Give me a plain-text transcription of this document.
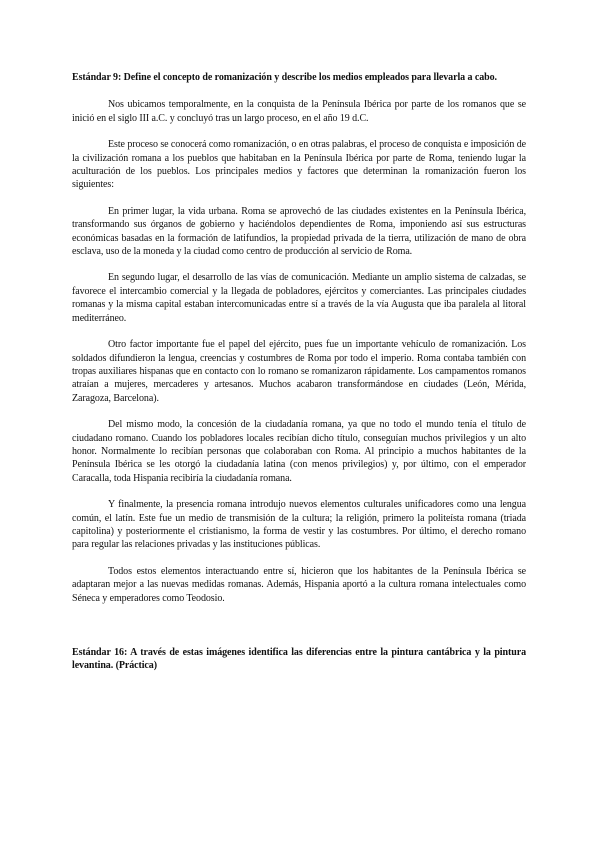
Estándar 9: Define el concepto de romanización y describe los medios empleados para llevarla a cabo.

Nos ubicamos temporalmente, en la conquista de la Península Ibérica por parte de los romanos que se inició en el siglo III a.C. y concluyó tras un largo proceso, en el año 19 d.C.

Este proceso se conocerá como romanización, o en otras palabras, el proceso de conquista e imposición de la civilización romana a los pueblos que habitaban en la Península Ibérica por parte de Roma, teniendo lugar la aculturación de los pueblos. Los principales medios y factores que determinan la romanización fueron los siguientes:

En primer lugar, la vida urbana. Roma se aprovechó de las ciudades existentes en la Península Ibérica, transformando sus órganos de gobierno y haciéndolos dependientes de Roma, imponiendo así sus estructuras económicas basadas en la formación de latifundios, la propiedad privada de la tierra, utilización de mano de obra esclava, uso de la moneda y la ciudad como centro de producción al servicio de Roma.

En segundo lugar, el desarrollo de las vías de comunicación. Mediante un amplio sistema de calzadas, se favorece el intercambio comercial y la llegada de pobladores, ejércitos y comerciantes. Las principales ciudades romanas y la misma capital estaban intercomunicadas entre sí a través de la vía Augusta que iba paralela al litoral mediterráneo.

Otro factor importante fue el papel del ejército, pues fue un importante vehículo de romanización. Los soldados difundieron la lengua, creencias y costumbres de Roma por todo el imperio. Roma contaba también con tropas auxiliares hispanas que en contacto con lo romano se romanizaron rápidamente. Los campamentos romanos atraían a mujeres, mercaderes y artesanos. Muchos acabaron transformándose en ciudades (León, Mérida, Zaragoza, Barcelona).

Del mismo modo, la concesión de la ciudadanía romana, ya que no todo el mundo tenía el título de ciudadano romano. Cuando los pobladores locales recibían dicho título, conseguían muchos privilegios y un alto honor. Normalmente lo recibían personas que colaboraban con Roma. Al principio a muchos habitantes de la Península Ibérica se les otorgó la ciudadanía latina (con menos privilegios) y, por último, con el emperador Caracalla, toda Hispania recibiría la ciudadanía romana.

Y finalmente, la presencia romana introdujo nuevos elementos culturales unificadores como una lengua común, el latín. Este fue un medio de transmisión de la cultura; la religión, primero la politeísta romana (triada capitolina) y posteriormente el cristianismo, la forma de vestir y las costumbres. Por último, el derecho romano para regular las relaciones privadas y las instituciones públicas.

Todos estos elementos interactuando entre sí, hicieron que los habitantes de la Península Ibérica se adaptaran mejor a las nuevas medidas romanas. Además, Hispania aportó a la cultura romana intelectuales como Séneca y emperadores como Teodosio.

Estándar 16: A través de estas imágenes identifica las diferencias entre la pintura cantábrica y la pintura levantina. (Práctica)
